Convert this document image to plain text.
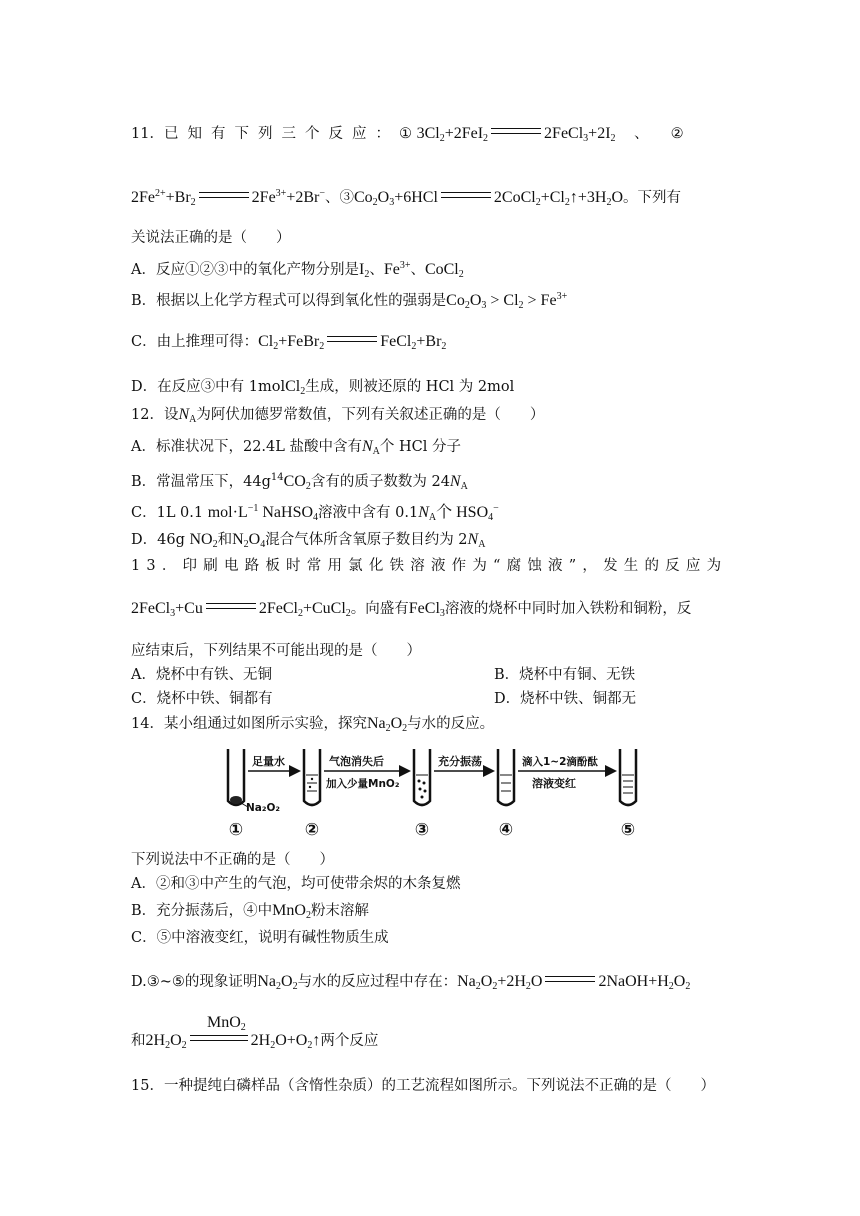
11．已知有下列三个反应：① $3Cl_2+2FeI_2$	$2FeCl_3+2I_2$ 、 ②
$2Fe^{2+}+Br_2$	$2Fe^{3+}+2Br^-$、$③Co_2O_3+6HCl$	$2CoCl_2+Cl_2↑+3H_2O$。下列有
关说法正确的是（　　）
A．反应①②③中的氧化产物分别是$I_2$、$Fe^{3+}$、CoCl$_2$
B．根据以上化学方程式可以得到氧化性的强弱是$Co_2O_3 > Cl_2 > Fe^{3+}$
C．由上推理可得：$Cl_2+FeBr_2$	$FeCl_2+Br_2$
D．在反应③中有 1molCl$_2$生成，则被还原的 HCl 为 2mol
12．设$N_A$为阿伏加德罗常数值，下列有关叙述正确的是（　　）
A．标准状况下，22.4L 盐酸中含有$N_A$个 HCl 分子
B．常温常压下，$44g^{14}CO_2$含有的质子数数为 $24N_A$
C．1L 0.1 $mol\cdot L^{-1}$ NaHSO$_4$溶液中含有 $0.1N_A$个 $HSO_4^-$
D．46g $NO_2$和$N_2O_4$混合气体所含氧原子数目约为 $2N_A$
13．印刷电路板时常用氯化铁溶液作为“腐蚀液”，发生的反应为
2FeCl$_3$+Cu	2FeCl$_2$+CuCl$_2$。向盛有FeCl$_3$溶液的烧杯中同时加入铁粉和铜粉，反
应结束后，下列结果不可能出现的是（　　）
A．烧杯中有铁、无铜	B．烧杯中有铜、无铁
C．烧杯中铁、铜都有	D．烧杯中铁、铜都无
14．某小组通过如图所示实验，探究$Na_2O_2$与水的反应。
足量水	气泡消失后
加入少量MnO₂
充分振荡	滴入1~2滴酚酞
溶液变红
Na₂O₂
①	②	③	④	⑤
下列说法中不正确的是（　　）
A．②和③中产生的气泡，均可使带余烬的木条复燃
B．充分振荡后，④中MnO$_2$粉末溶解
C．⑤中溶液变红，说明有碱性物质生成
D.③~⑤的现象证明$Na_2O_2$与水的反应过程中存在：$Na_2O_2+2H_2O$	$2NaOH+H_2O_2$
MnO$_2$
和$2H_2O_2$	$2H_2O+O_2↑$两个反应
15．一种提纯白磷样品（含惰性杂质）的工艺流程如图所示。下列说法不正确的是（　　）
